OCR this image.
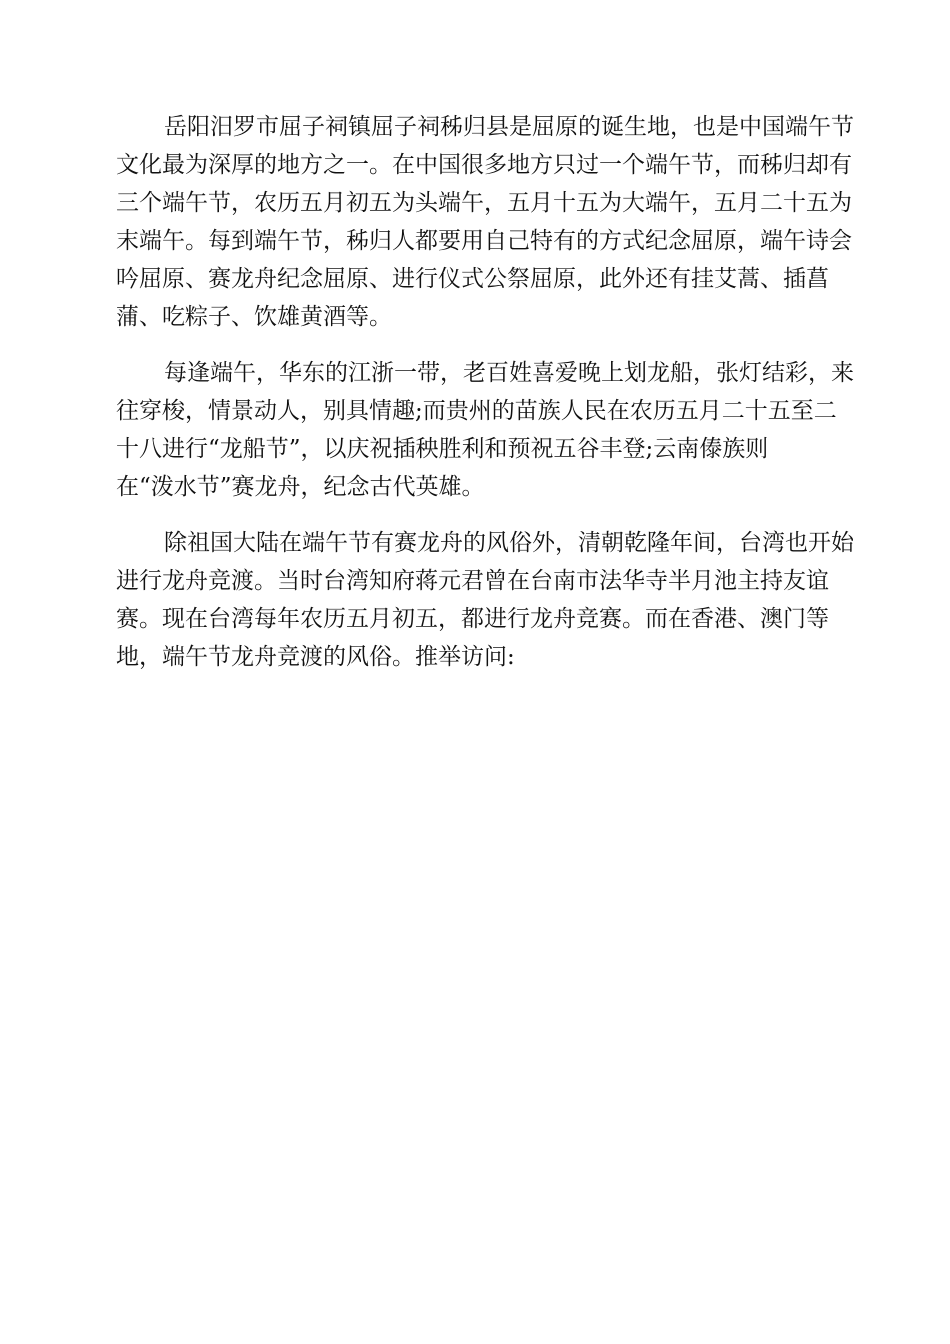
岳阳汨罗市屈子祠镇屈子祠秭归县是屈原的诞生地，也是中国端午节
文化最为深厚的地方之一。在中国很多地方只过一个端午节，而秭归却有
三个端午节，农历五月初五为头端午，五月十五为大端午，五月二十五为
末端午。每到端午节，秭归人都要用自己特有的方式纪念屈原，端午诗会
吟屈原、赛龙舟纪念屈原、进行仪式公祭屈原，此外还有挂艾蒿、插菖
蒲、吃粽子、饮雄黄酒等。

每逢端午，华东的江浙一带，老百姓喜爱晚上划龙船，张灯结彩，来
往穿梭，情景动人，别具情趣;而贵州的苗族人民在农历五月二十五至二
十八进行“龙船节”，以庆祝插秧胜利和预祝五谷丰登;云南傣族则
在“泼水节”赛龙舟，纪念古代英雄。

除祖国大陆在端午节有赛龙舟的风俗外，清朝乾隆年间，台湾也开始
进行龙舟竞渡。当时台湾知府蒋元君曾在台南市法华寺半月池主持友谊
赛。现在台湾每年农历五月初五，都进行龙舟竞赛。而在香港、澳门等
地，端午节龙舟竞渡的风俗。推举访问:
